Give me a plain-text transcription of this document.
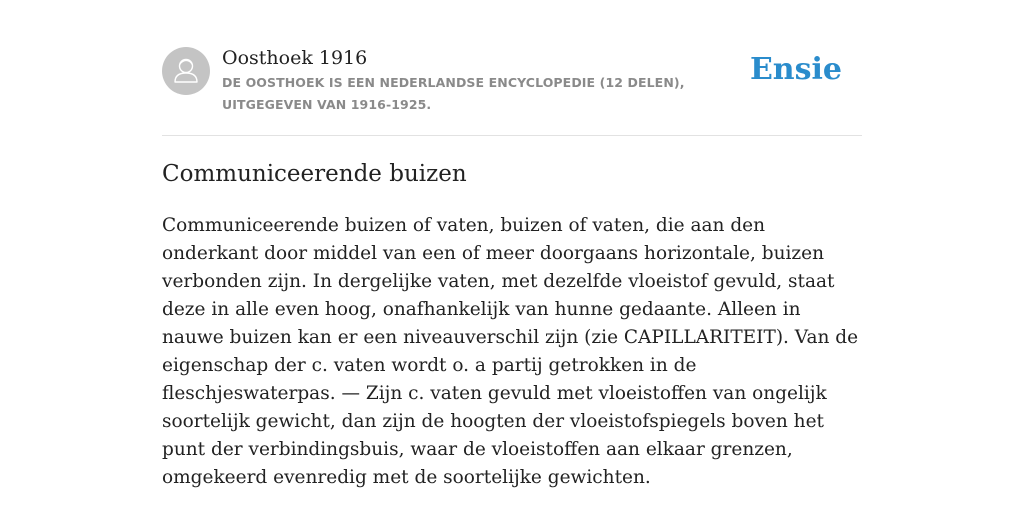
Oosthoek 1916
DE OOSTHOEK IS EEN NEDERLANDSE ENCYCLOPEDIE (12 DELEN), UITGEGEVEN VAN 1916-1925.
Ensie
Communiceerende buizen

Communiceerende buizen of vaten, buizen of vaten, die aan den onderkant door middel van een of meer doorgaans horizontale, buizen verbonden zijn. In dergelijke vaten, met dezelfde vloeistof gevuld, staat deze in alle even hoog, onafhankelijk van hunne gedaante. Alleen in nauwe buizen kan er een niveauverschil zijn (zie CAPILLARITEIT). Van de eigenschap der c. vaten wordt o. a partij getrokken in de fleschjeswaterpas. — Zijn c. vaten gevuld met vloeistoffen van ongelijk soortelijk gewicht, dan zijn de hoogten der vloeistofspiegels boven het punt der verbindingsbuis, waar de vloeistoffen aan elkaar grenzen, omgekeerd evenredig met de soortelijke gewichten.
